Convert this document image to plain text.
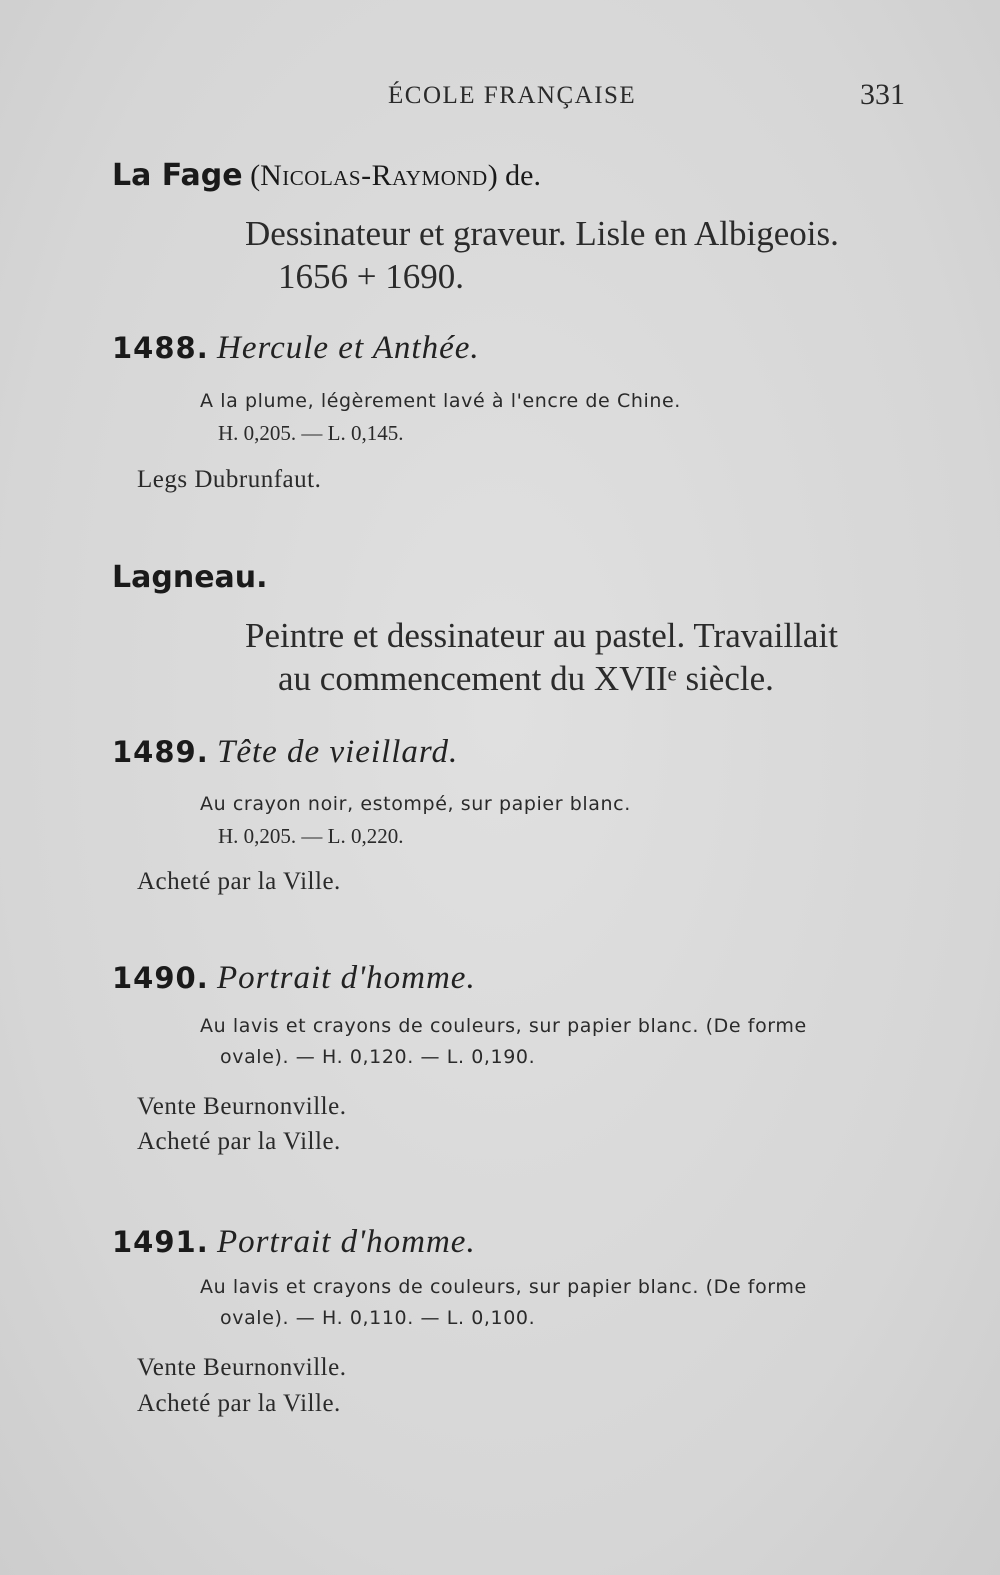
ÉCOLE FRANÇAISE	331
La Fage (Nicolas-Raymond) de.
Dessinateur et graveur. Lisle en Albigeois.
1656 + 1690.
1488. Hercule et Anthée.
A la plume, légèrement lavé à l'encre de Chine.
H. 0,205. — L. 0,145.
Legs Dubrunfaut.
Lagneau.
Peintre et dessinateur au pastel. Travaillait
au commencement du XVIIᵉ siècle.
1489. Tête de vieillard.
Au crayon noir, estompé, sur papier blanc.
H. 0,205. — L. 0,220.
Acheté par la Ville.
1490. Portrait d'homme.
Au lavis et crayons de couleurs, sur papier blanc. (De forme
ovale). — H. 0,120. — L. 0,190.
Vente Beurnonville.
Acheté par la Ville.
1491. Portrait d'homme.
Au lavis et crayons de couleurs, sur papier blanc. (De forme
ovale). — H. 0,110. — L. 0,100.
Vente Beurnonville.
Acheté par la Ville.
